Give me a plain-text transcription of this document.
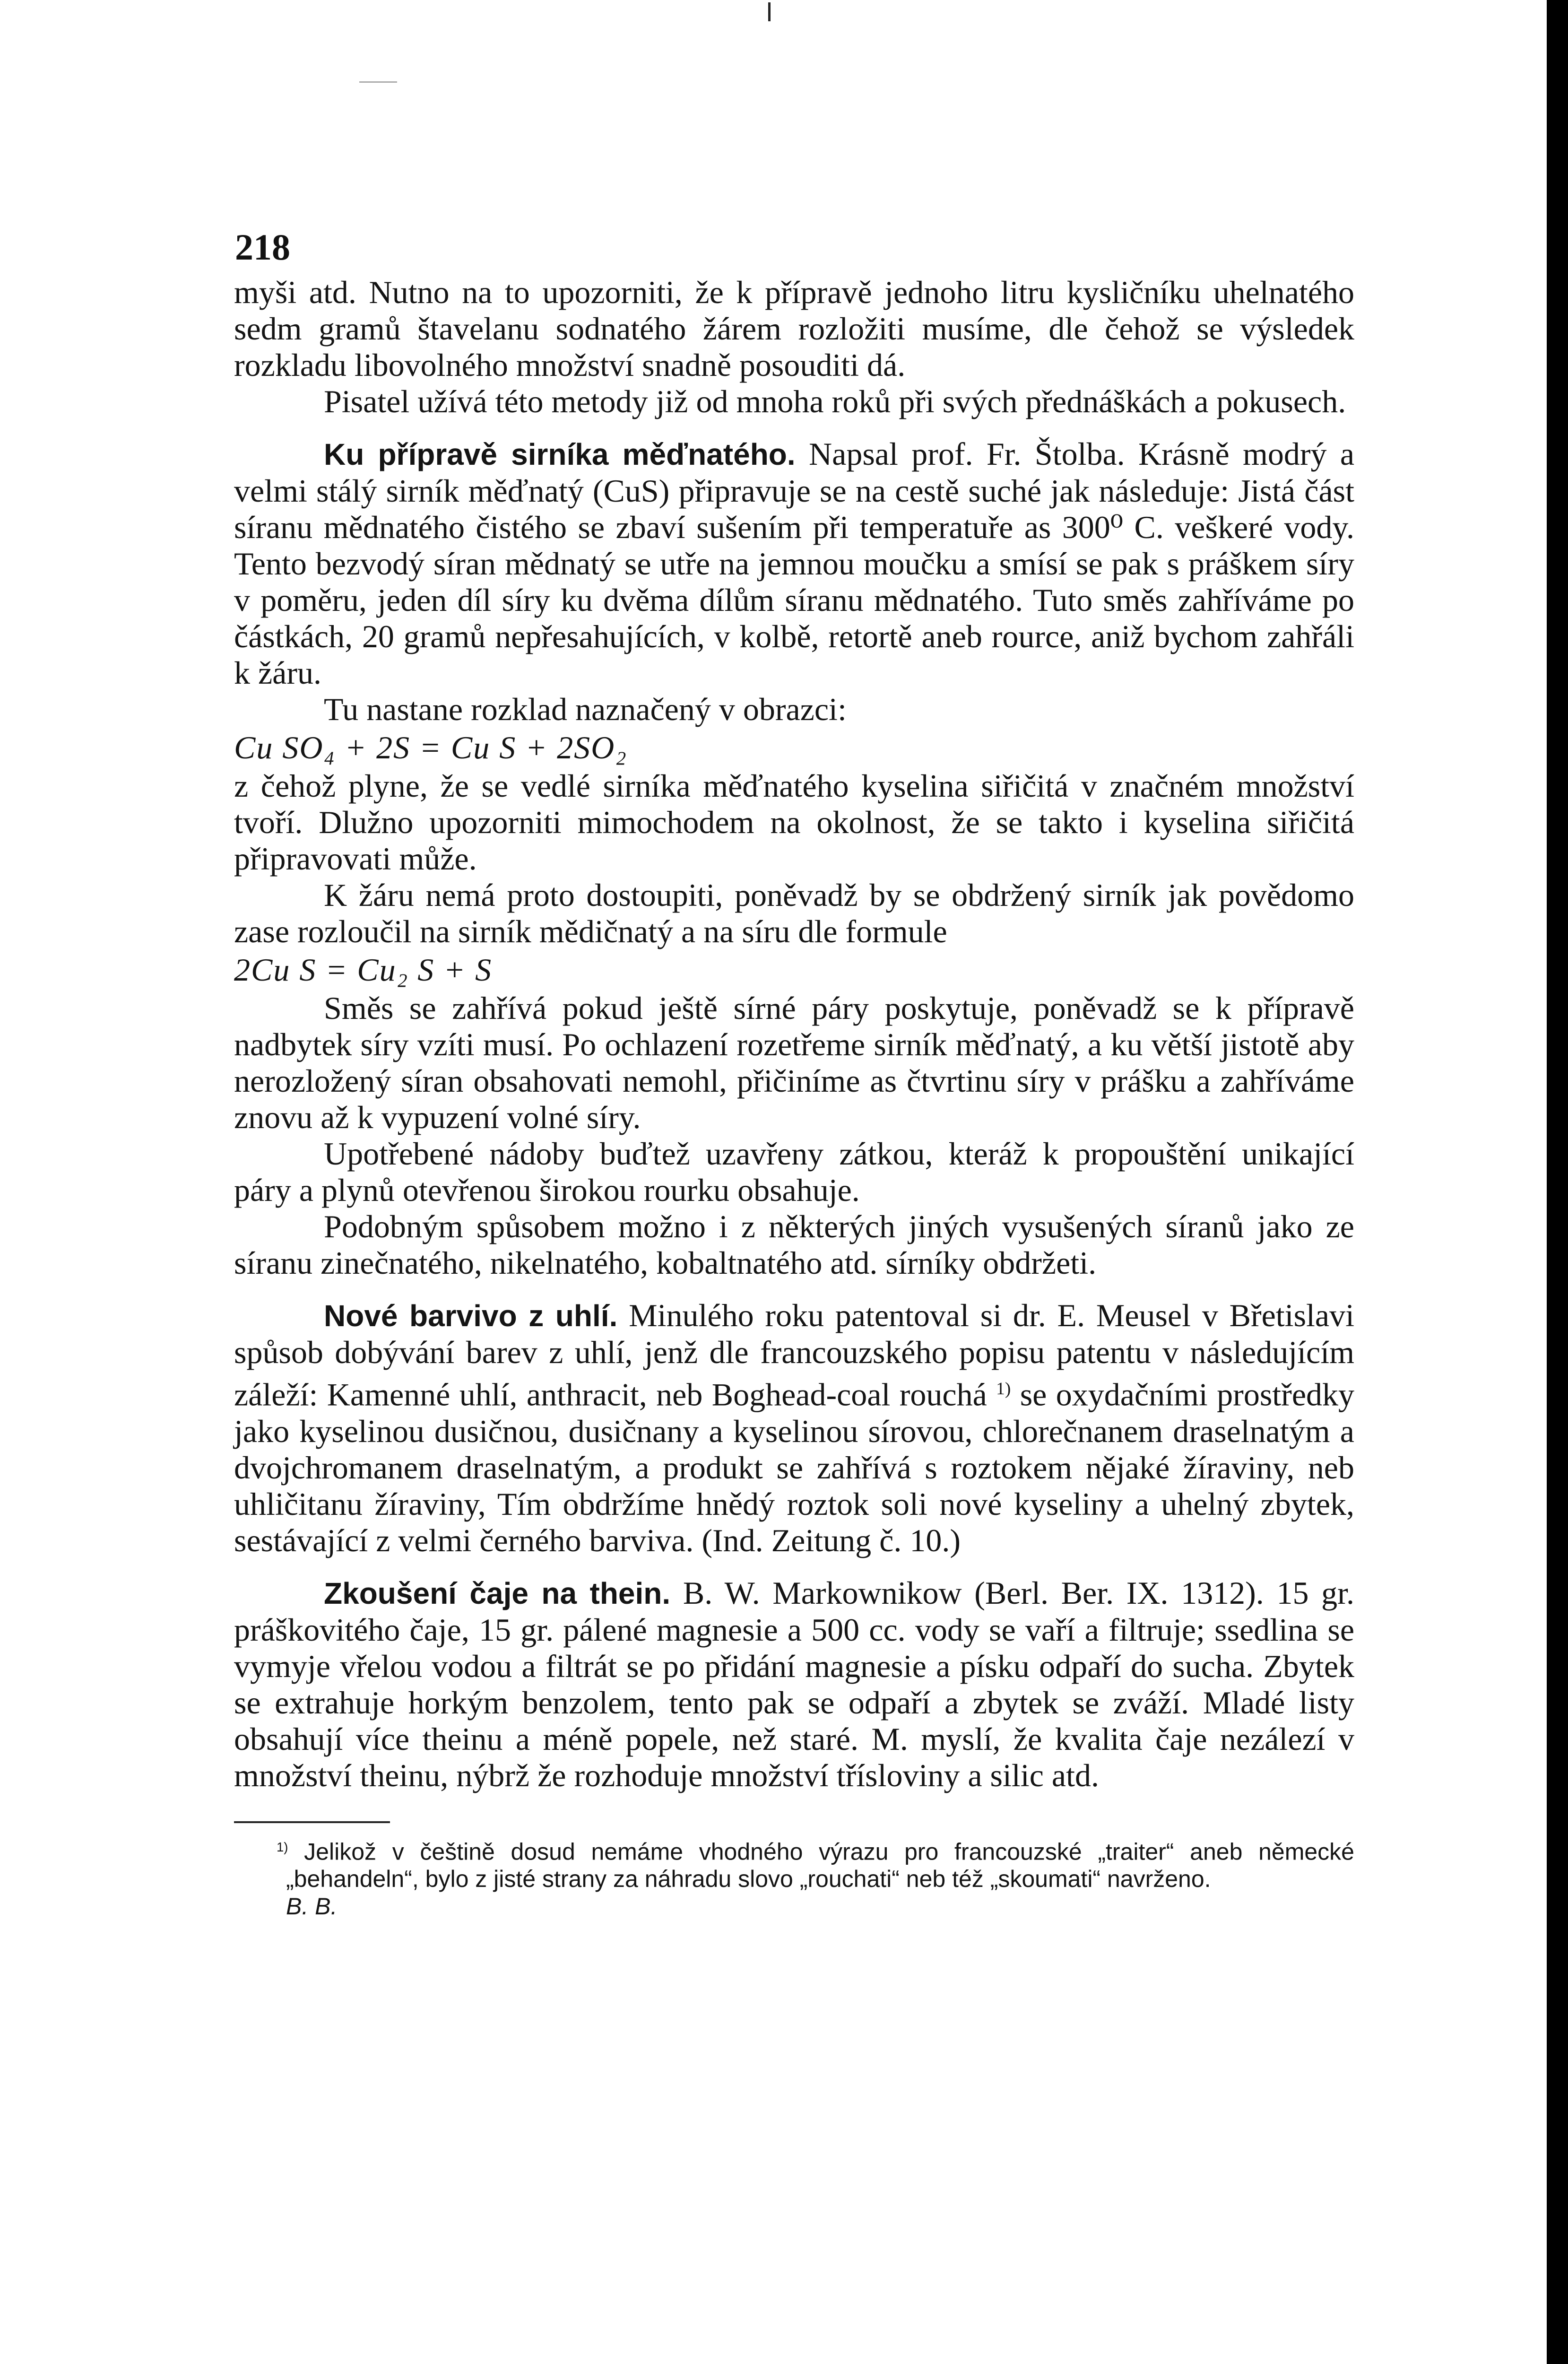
218

myši atd. Nutno na to upozorniti, že k přípravě jednoho litru kysličníku uhelnatého sedm gramů štavelanu sodnatého žárem rozložiti musíme, dle čehož se výsledek rozkladu libovolného množství snadně posouditi dá.

Pisatel užívá této metody již od mnoha roků při svých přednáškách a pokusech.

Ku přípravě sirníka měďnatého. Napsal prof. Fr. Štolba. Krásně modrý a velmi stálý sirník měďnatý (CuS) připravuje se na cestě suché jak následuje: Jistá část síranu mědnatého čistého se zbaví sušením při temperatuře as 300⁰ C. veškeré vody. Tento bezvodý síran mědnatý se utře na jemnou moučku a smísí se pak s práškem síry v poměru, jeden díl síry ku dvěma dílům síranu mědnatého. Tuto směs zahříváme po částkách, 20 gramů nepřesahujících, v kolbě, retortě aneb rource, aniž bychom zahřáli k žáru.

Tu nastane rozklad naznačený v obrazci:

Cu SO₄ + 2S = Cu S + 2SO₂

z čehož plyne, že se vedlé sirníka měďnatého kyselina siřičitá v značném množství tvoří. Dlužno upozorniti mimochodem na okolnost, že se takto i kyselina siřičitá připravovati může.

K žáru nemá proto dostoupiti, poněvadž by se obdržený sirník jak povědomo zase rozloučil na sirník mědičnatý a na síru dle formule

2Cu S = Cu₂ S + S

Směs se zahřívá pokud ještě sírné páry poskytuje, poněvadž se k přípravě nadbytek síry vzíti musí. Po ochlazení rozetřeme sirník měďnatý, a ku větší jistotě aby nerozložený síran obsahovati nemohl, přičiníme as čtvrtinu síry v prášku a zahříváme znovu až k vypuzení volné síry.

Upotřebené nádoby buďtež uzavřeny zátkou, kteráž k propouštění unikající páry a plynů otevřenou širokou rourku obsahuje.

Podobným spůsobem možno i z některých jiných vysušených síranů jako ze síranu zinečnatého, nikelnatého, kobaltnatého atd. sírníky obdržeti.

Nové barvivo z uhlí. Minulého roku patentoval si dr. E. Meusel v Břetislavi spůsob dobývání barev z uhlí, jenž dle francouzského popisu patentu v následujícím záleží: Kamenné uhlí, anthracit, neb Boghead-coal rouchá $^{1)}$ se oxydačními prostředky jako kyselinou dusičnou, dusičnany a kyselinou sírovou, chlorečnanem draselnatým a dvojchromanem draselnatým, a produkt se zahřívá s roztokem nějaké žíraviny, neb uhličitanu žíraviny, Tím obdržíme hnědý roztok soli nové kyseliny a uhelný zbytek, sestávající z velmi černého barviva. (Ind. Zeitung č. 10.)

Zkoušení čaje na thein. B. W. Markownikow (Berl. Ber. IX. 1312). 15 gr. práškovitého čaje, 15 gr. pálené magnesie a 500 cc. vody se vaří a filtruje; ssedlina se vymyje vřelou vodou a filtrát se po přidání magnesie a písku odpaří do sucha. Zbytek se extrahuje horkým benzolem, tento pak se odpaří a zbytek se zváží. Mladé listy obsahují více theinu a méně popele, než staré. M. myslí, že kvalita čaje nezálezí v množství theinu, nýbrž že rozhoduje množství třísloviny a silic atd.

$^{1)}$ Jelikož v češtině dosud nemáme vhodného výrazu pro francouzské „traiter“ aneb německé „behandeln“, bylo z jisté strany za náhradu slovo „rouchati“ neb též „skoumati“ navrženo.

B. B.
